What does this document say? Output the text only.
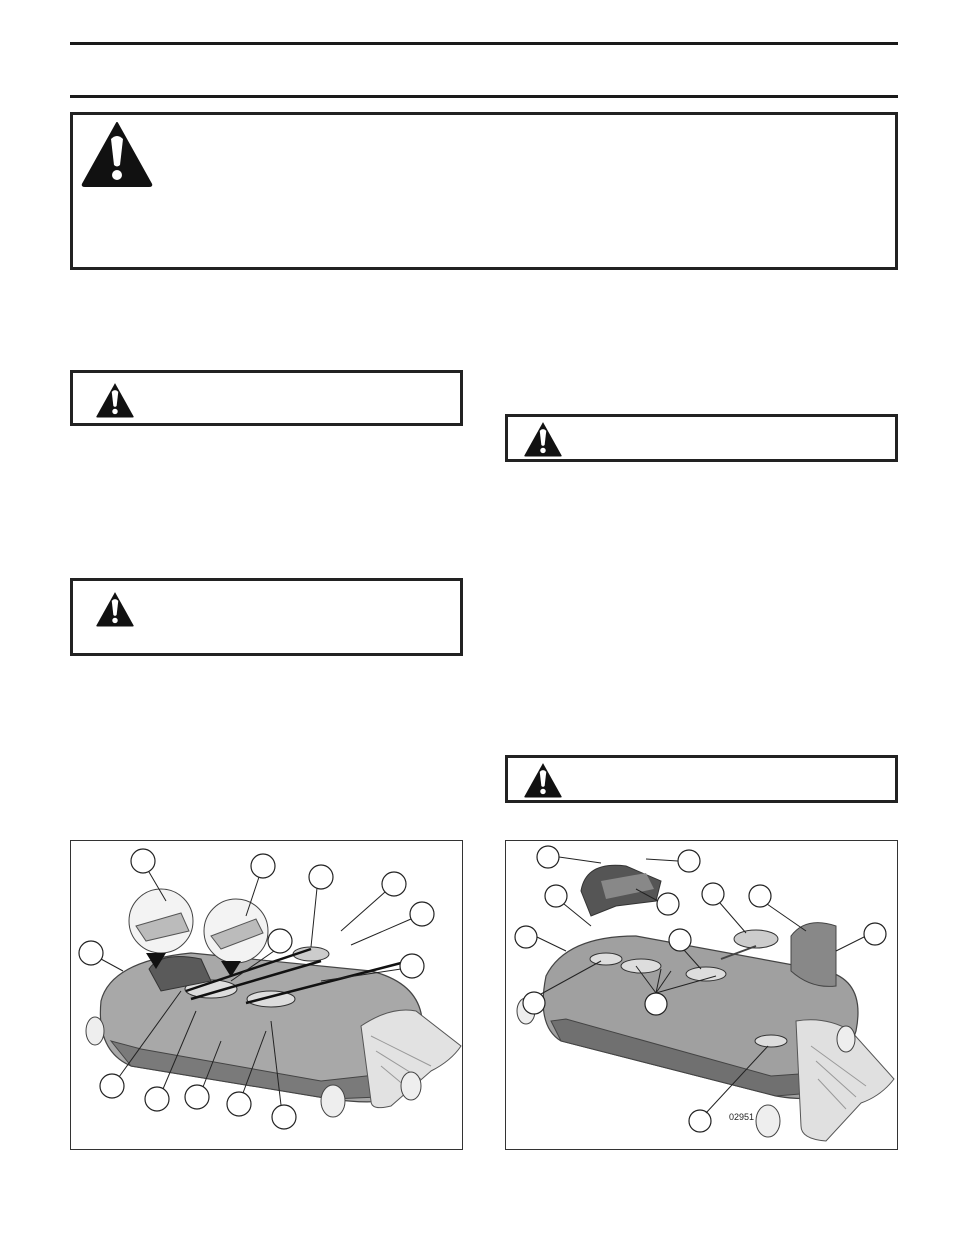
02951
